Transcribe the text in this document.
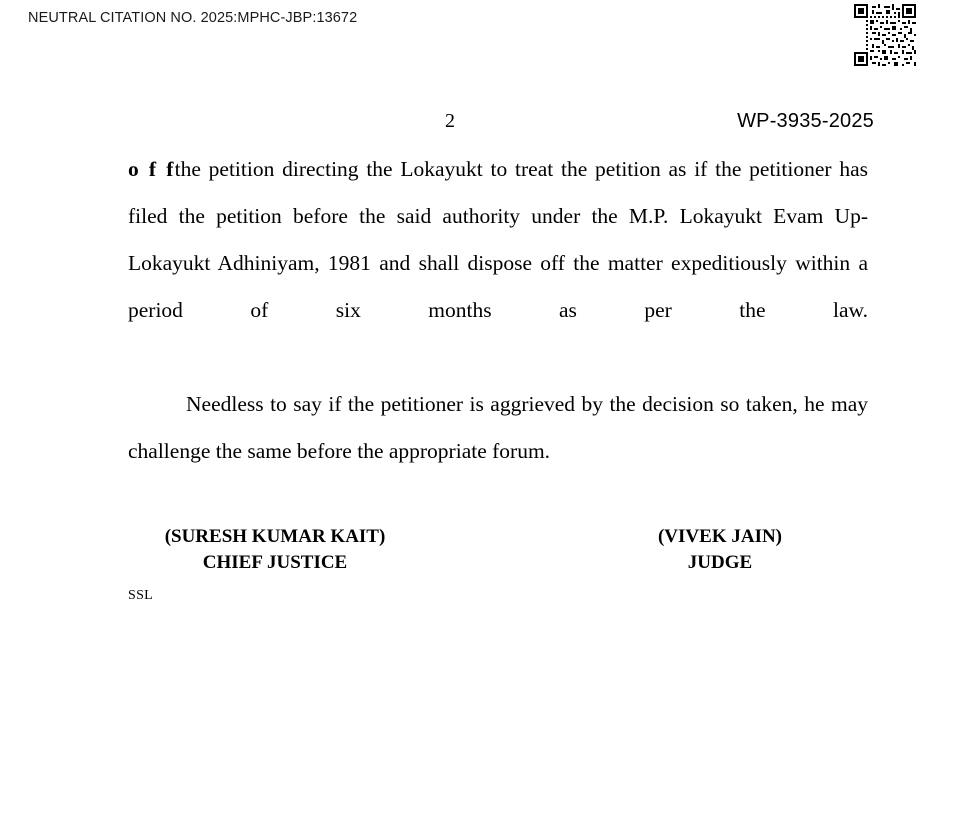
NEUTRAL CITATION NO. 2025:MPHC-JBP:13672
2	WP-3935-2025

o f fthe petition directing the Lokayukt to treat the petition as if the petitioner has filed the petition before the said authority under the M.P. Lokayukt Evam Up-Lokayukt Adhiniyam, 1981 and shall dispose off the matter expeditiously within a period of six months as per the law.

Needless to say if the petitioner is aggrieved by the decision so taken, he may challenge the same before the appropriate forum.

(SURESH KUMAR KAIT)
CHIEF JUSTICE
(VIVEK JAIN)
JUDGE
SSL
